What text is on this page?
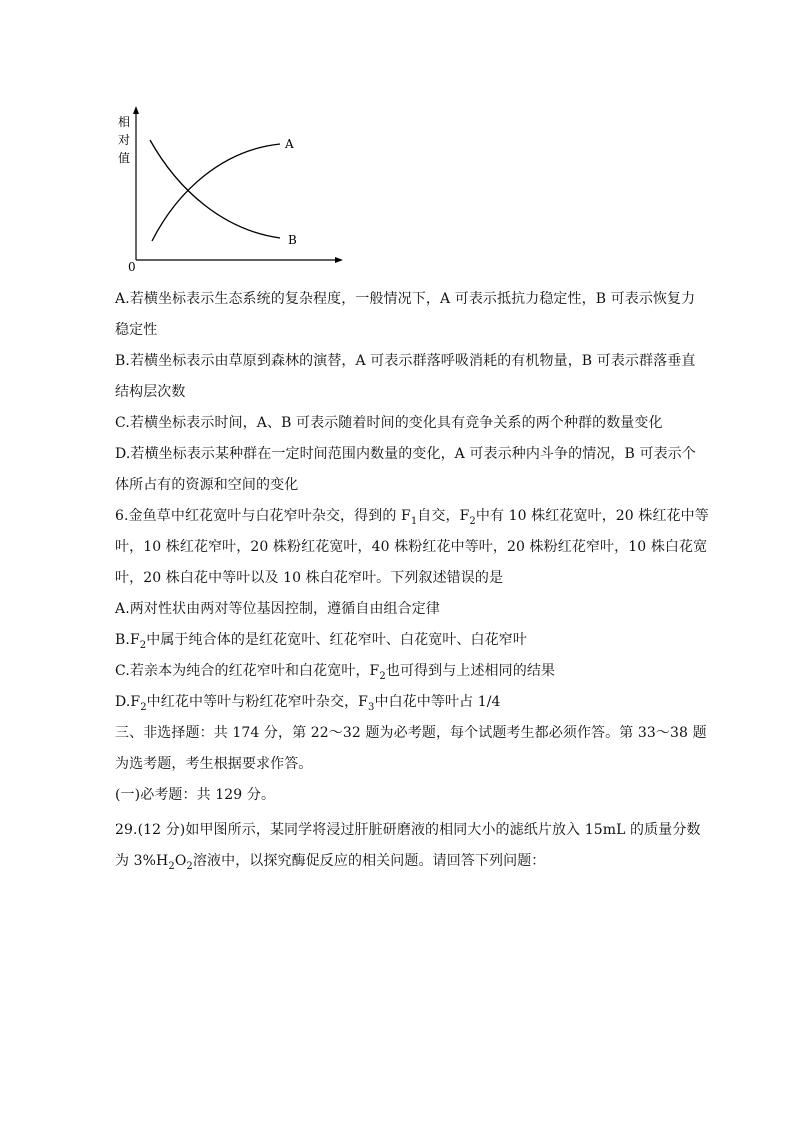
相
对
值
0
A
B
A.若横坐标表示生态系统的复杂程度，一般情况下，A 可表示抵抗力稳定性，B 可表示恢复力
稳定性
B.若横坐标表示由草原到森林的演替，A 可表示群落呼吸消耗的有机物量，B 可表示群落垂直
结构层次数
C.若横坐标表示时间，A、B 可表示随着时间的变化具有竞争关系的两个种群的数量变化
D.若横坐标表示某种群在一定时间范围内数量的变化，A 可表示种内斗争的情况，B 可表示个
体所占有的资源和空间的变化
6.金鱼草中红花宽叶与白花窄叶杂交，得到的 $F_1$自交，$F_2$中有 10 株红花宽叶，20 株红花中等
叶，10 株红花窄叶，20 株粉红花宽叶，40 株粉红花中等叶，20 株粉红花窄叶，10 株白花宽
叶，20 株白花中等叶以及 10 株白花窄叶。下列叙述错误的是
A.两对性状由两对等位基因控制，遵循自由组合定律
$B.F_2$中属于纯合体的是红花宽叶、红花窄叶、白花宽叶、白花窄叶
C.若亲本为纯合的红花窄叶和白花宽叶，$F_2$也可得到与上述相同的结果
$D.F_2$中红花中等叶与粉红花窄叶杂交，$F_3$中白花中等叶占 1/4
三、非选择题：共 174 分，第 22～32 题为必考题，每个试题考生都必须作答。第 33～38 题
为选考题，考生根据要求作答。
(一)必考题：共 129 分。
29.(12 分)如甲图所示，某同学将浸过肝脏研磨液的相同大小的滤纸片放入 15mL 的质量分数
为 $3\%H_2O_2$溶液中，以探究酶促反应的相关问题。请回答下列问题：
